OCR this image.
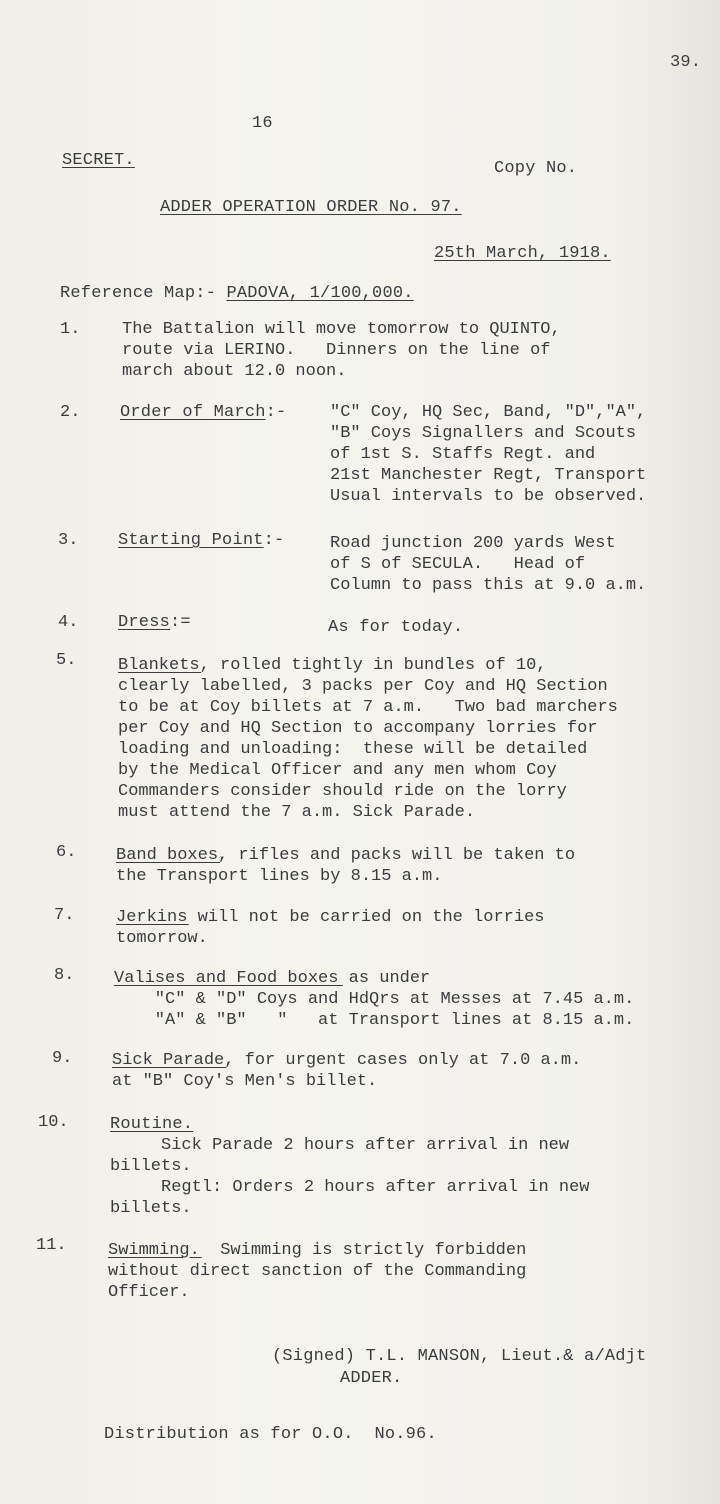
39.
16
SECRET.	Copy No.
ADDER OPERATION ORDER No. 97.
25th March, 1918.
Reference Map:- PADOVA, 1/100,000.
1. The Battalion will move tomorrow to QUINTO,
route via LERINO.   Dinners on the line of
march about 12.0 noon.
2. Order of March:-	"C" Coy, HQ Sec, Band, "D","A",
"B" Coys Signallers and Scouts
of 1st S. Staffs Regt. and
21st Manchester Regt, Transport
Usual intervals to be observed.
3. Starting Point:-	Road junction 200 yards West
of S of SECULA.   Head of
Column to pass this at 9.0 a.m.
4. Dress:=	As for today.
5. Blankets, rolled tightly in bundles of 10,
clearly labelled, 3 packs per Coy and HQ Section
to be at Coy billets at 7 a.m.   Two bad marchers
per Coy and HQ Section to accompany lorries for
loading and unloading:  these will be detailed
by the Medical Officer and any men whom Coy
Commanders consider should ride on the lorry
must attend the 7 a.m. Sick Parade.
6. Band boxes, rifles and packs will be taken to
the Transport lines by 8.15 a.m.
7. Jerkins will not be carried on the lorries
tomorrow.
8. Valises and Food boxes as under
"C" & "D" Coys and HdQrs at Messes at 7.45 a.m.
"A" & "B"   "   at Transport lines at 8.15 a.m.
9. Sick Parade, for urgent cases only at 7.0 a.m.
at "B" Coy's Men's billet.
10. Routine.
Sick Parade 2 hours after arrival in new
billets.
Regtl: Orders 2 hours after arrival in new
billets.
11. Swimming.  Swimming is strictly forbidden
without direct sanction of the Commanding
Officer.
(Signed) T.L. MANSON, Lieut.& a/Adjt
ADDER.
Distribution as for O.O.  No.96.
